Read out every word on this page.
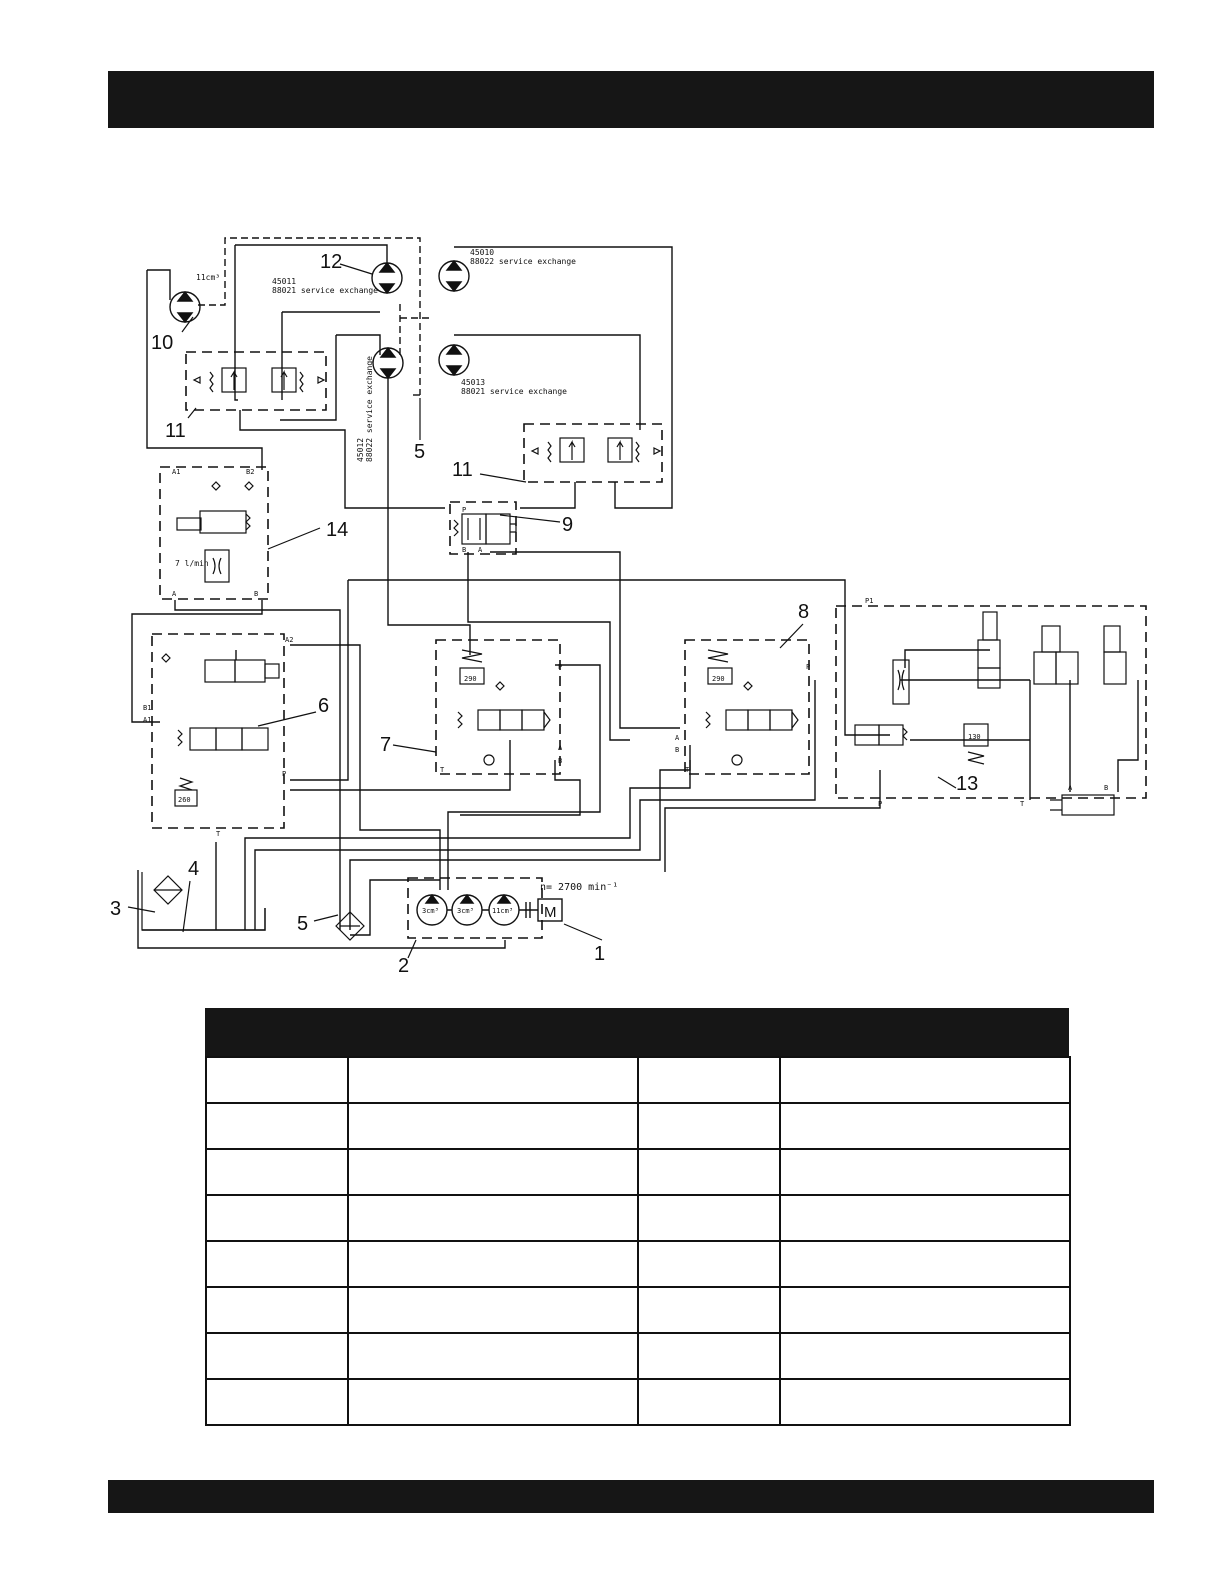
1
2
3
4
5
5
6
7
8
9
10
11
11
12
13
14
11cm³	45011
88021 service exchange
45010
88022 service exchange
45013
88021 service exchange
45012 88022 service exchange
7 l/min
n= 2700 min⁻¹
3cm³	3cm³	11cm³ M
290	290
260
130
A1	B2
A	B
A2
B1
A1
T
P
P
A
B
T
P
A
B
T
P
B A
P1
P	T
A	B
